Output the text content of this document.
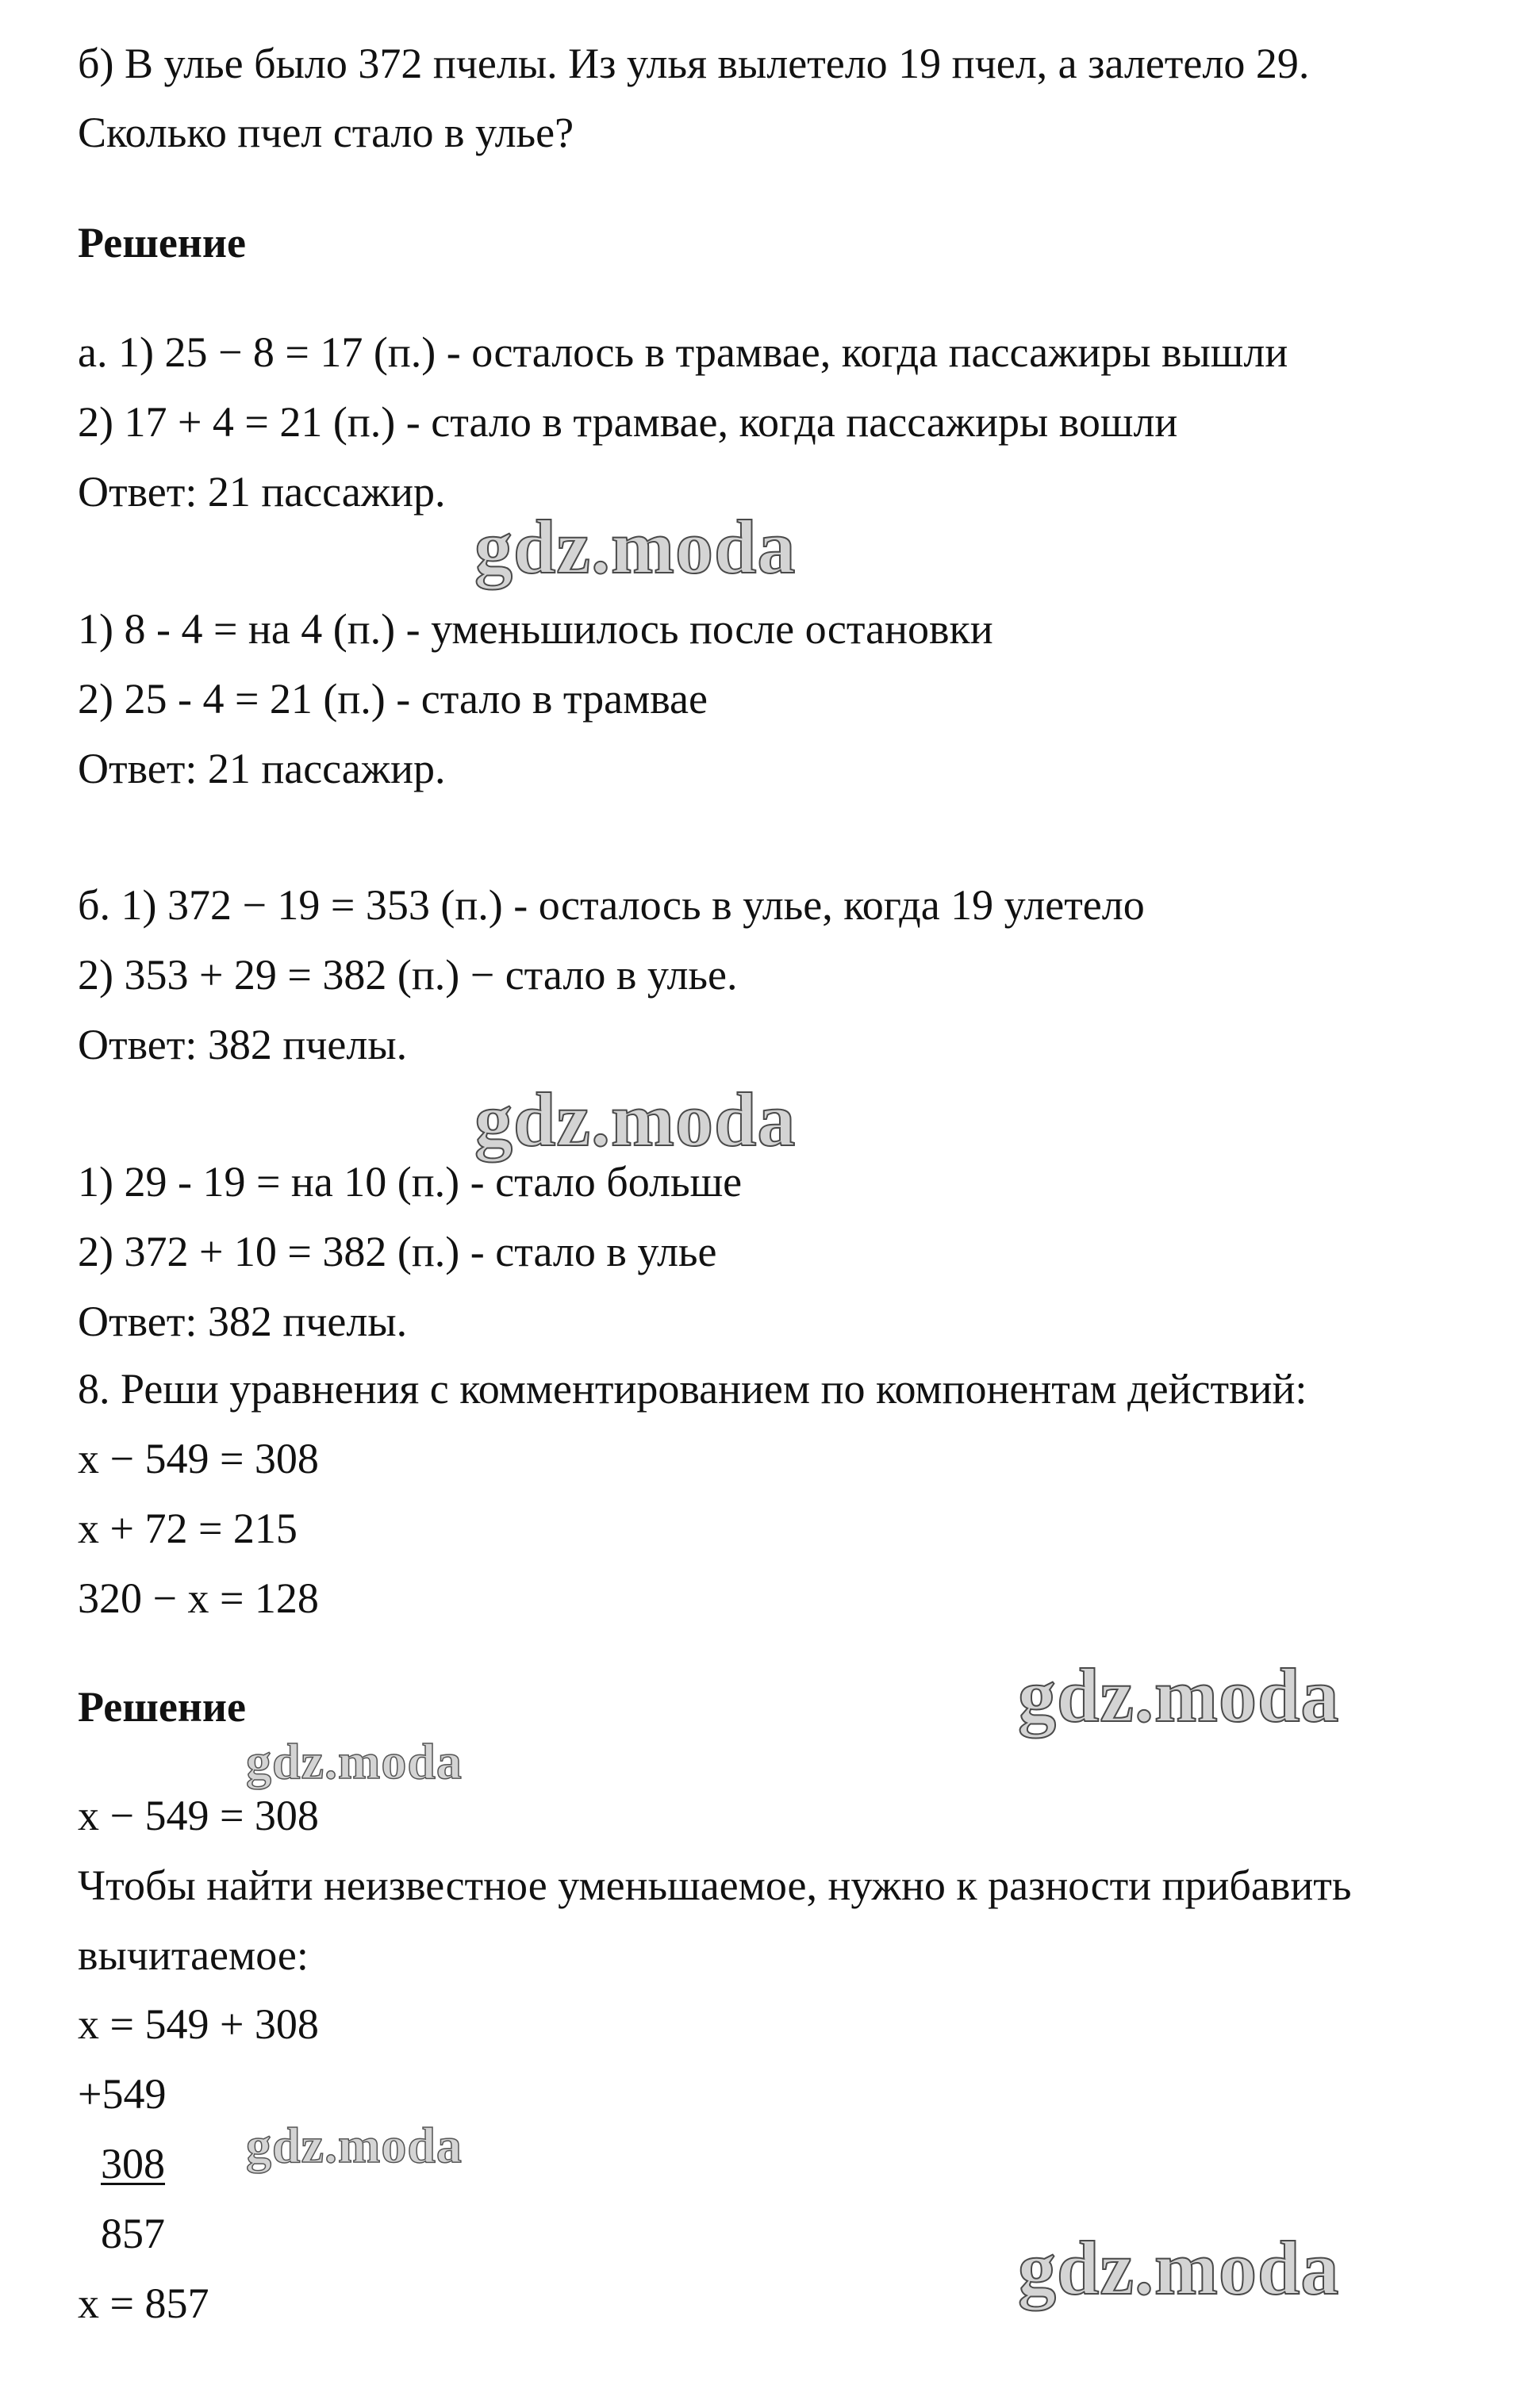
б) В улье было 372 пчелы. Из улья вылетело 19 пчел, а залетело 29.
Сколько пчел стало в улье?
Решение
а. 1) 25 − 8 = 17 (п.) - осталось в трамвае, когда пассажиры вышли
2) 17 + 4 = 21 (п.) - стало в трамвае, когда пассажиры вошли
Ответ: 21 пассажир.
1) 8 - 4 = на 4 (п.) - уменьшилось после остановки
2) 25 - 4 = 21 (п.) - стало в трамвае
Ответ: 21 пассажир.
б. 1) 372 − 19 = 353 (п.) - осталось в улье, когда 19 улетело
2) 353 + 29 = 382 (п.) − стало в улье.
Ответ: 382 пчелы.
1) 29 - 19 = на 10 (п.) - стало больше
2) 372 + 10 = 382 (п.) - стало в улье
Ответ: 382 пчелы.
8. Реши уравнения с комментированием по компонентам действий:
x − 549 = 308
x + 72 = 215
320 − x = 128
Решение
x − 549 = 308
Чтобы найти неизвестное уменьшаемое, нужно к разности прибавить
вычитаемое:
x = 549 + 308
+549
308
857
x = 857
gdz.moda
gdz.moda
gdz.moda
gdz.moda
gdz.moda
gdz.moda
